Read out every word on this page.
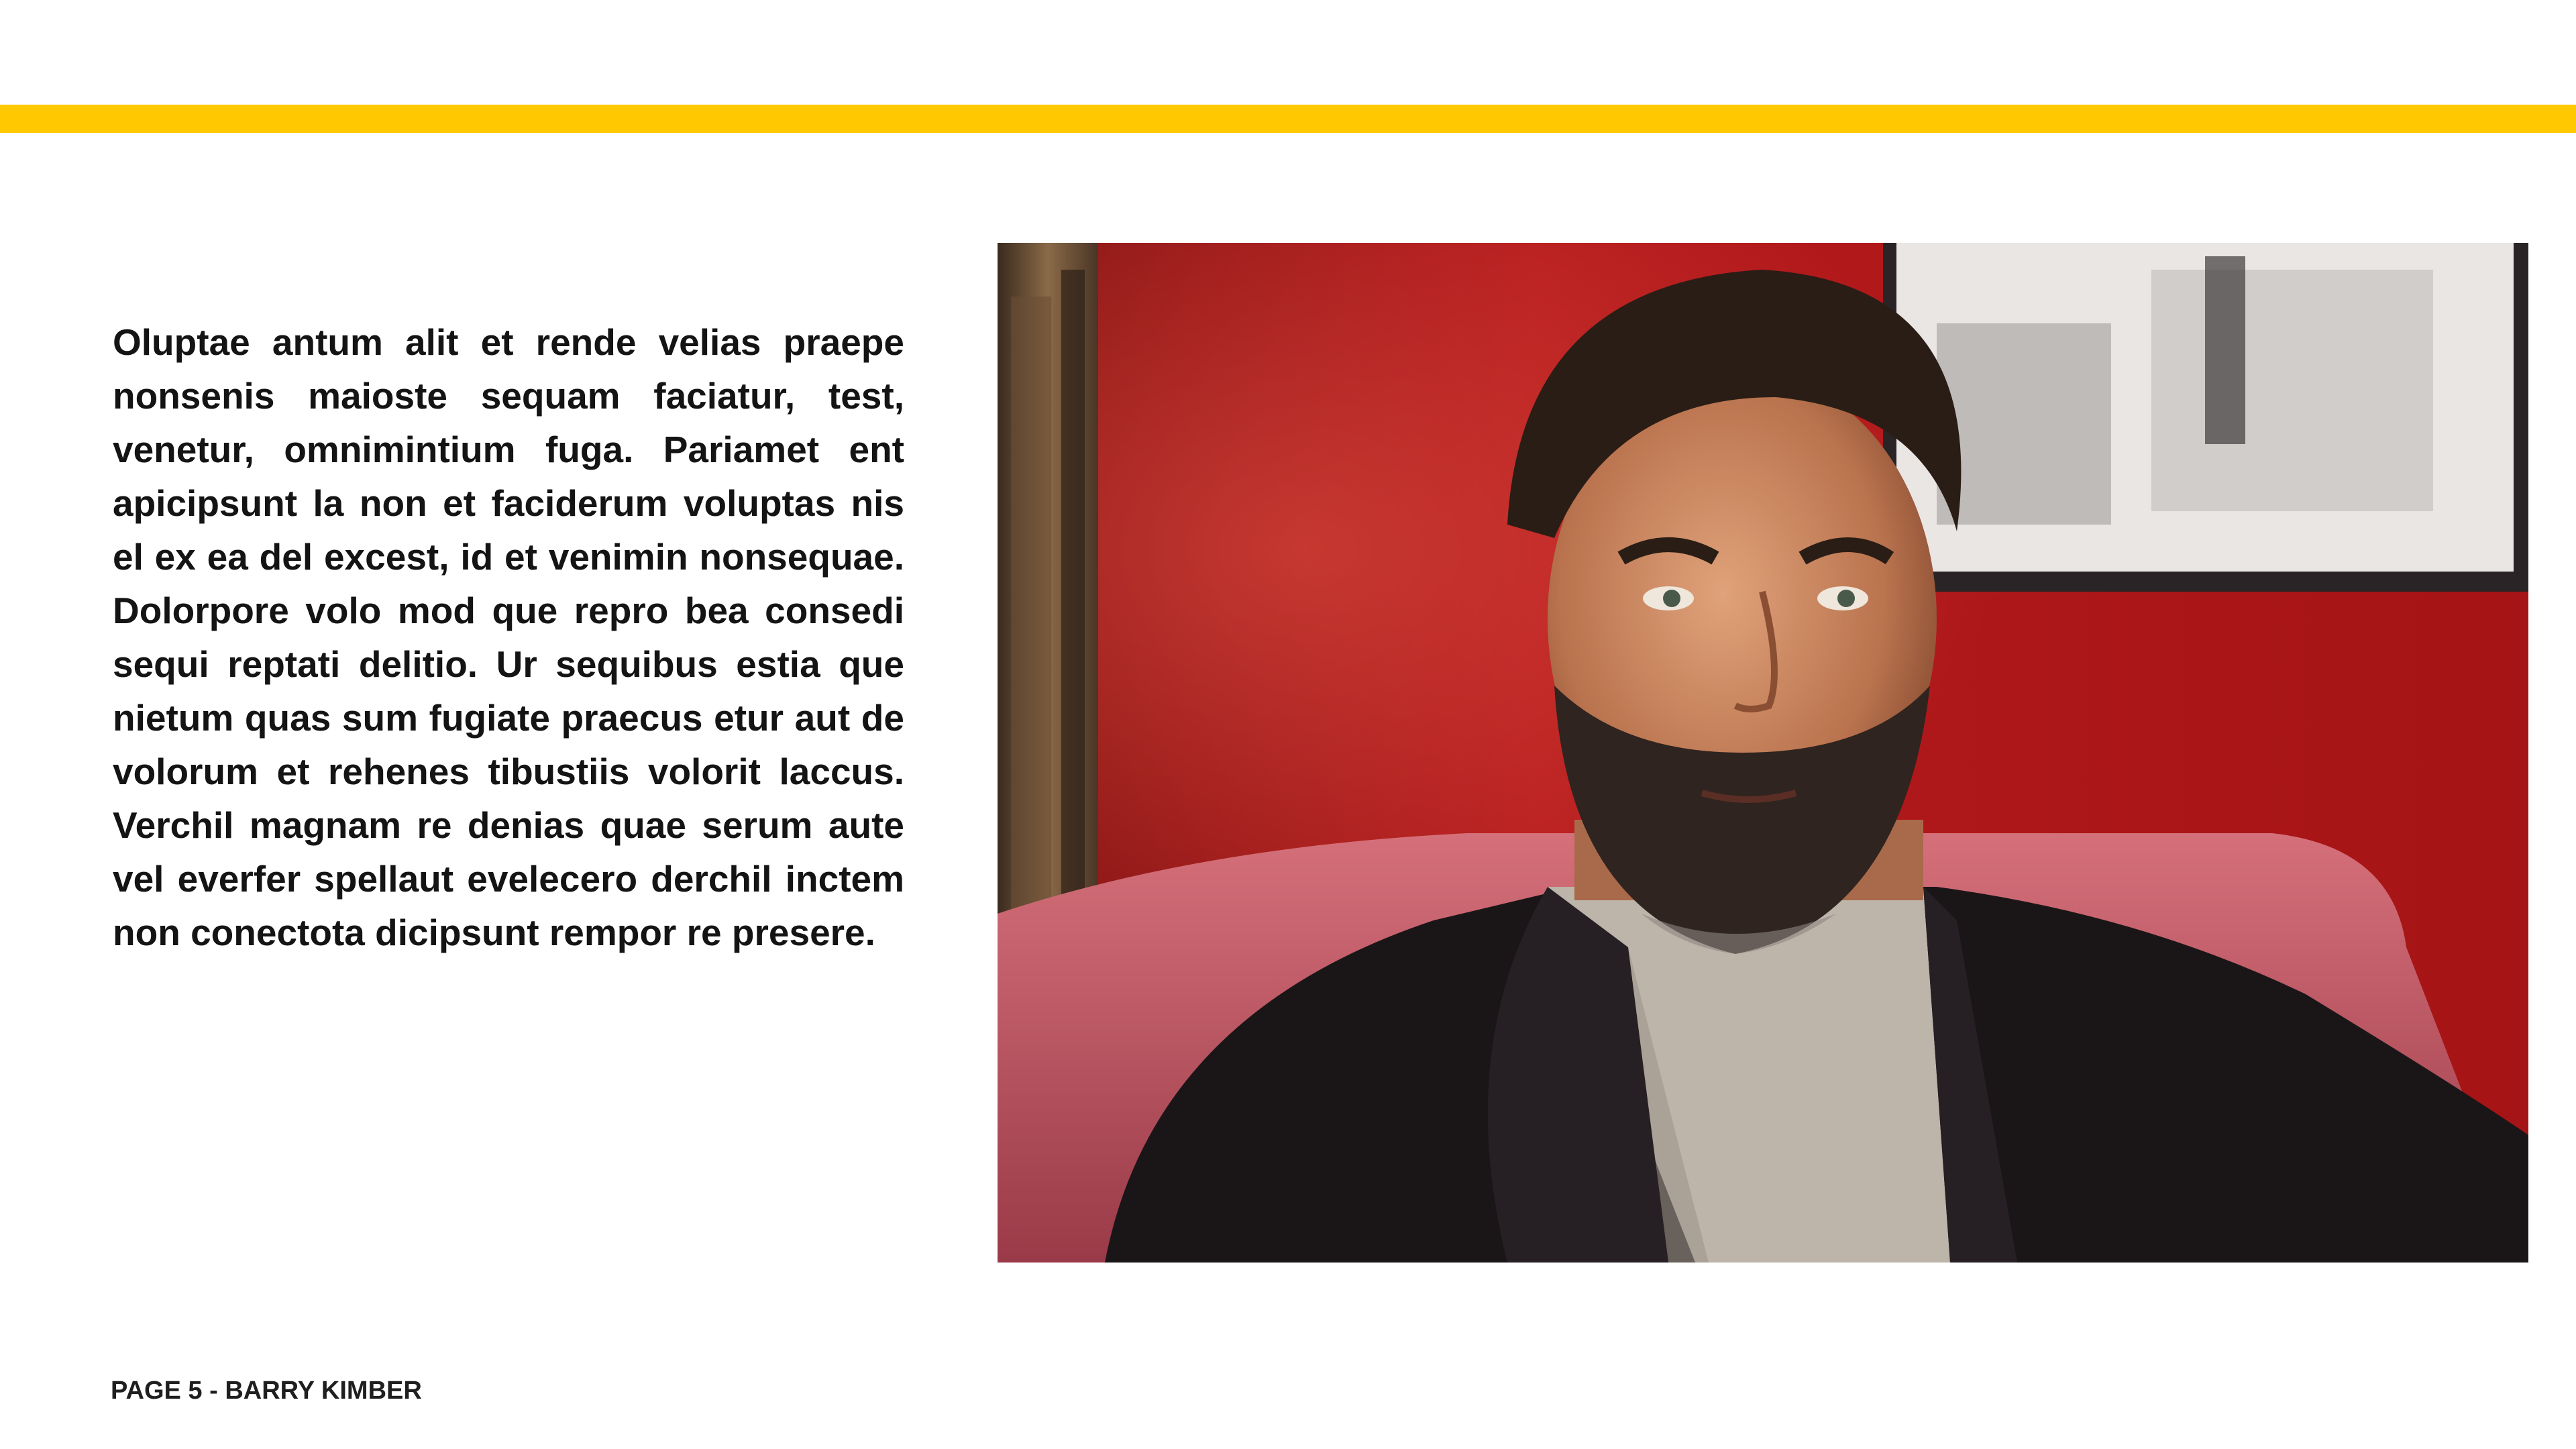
Oluptae antum alit et rende velias praepe nonsenis maioste sequam faciatur, test, venetur, omnimintium fuga. Pariamet ent apicipsunt la non et faciderum voluptas nis el ex ea del excest, id et venimin nonsequae. Dolorpore volo mod que repro bea consedi sequi reptati delitio. Ur sequibus estia que nietum quas sum fugiate praecus etur aut de volorum et rehenes tibustiis volorit laccus. Verchil magnam re denias quae serum aute vel everfer spellaut evelecero derchil inctem non conectota dicipsunt rempor re presere.

PAGE 5 - BARRY KIMBER
